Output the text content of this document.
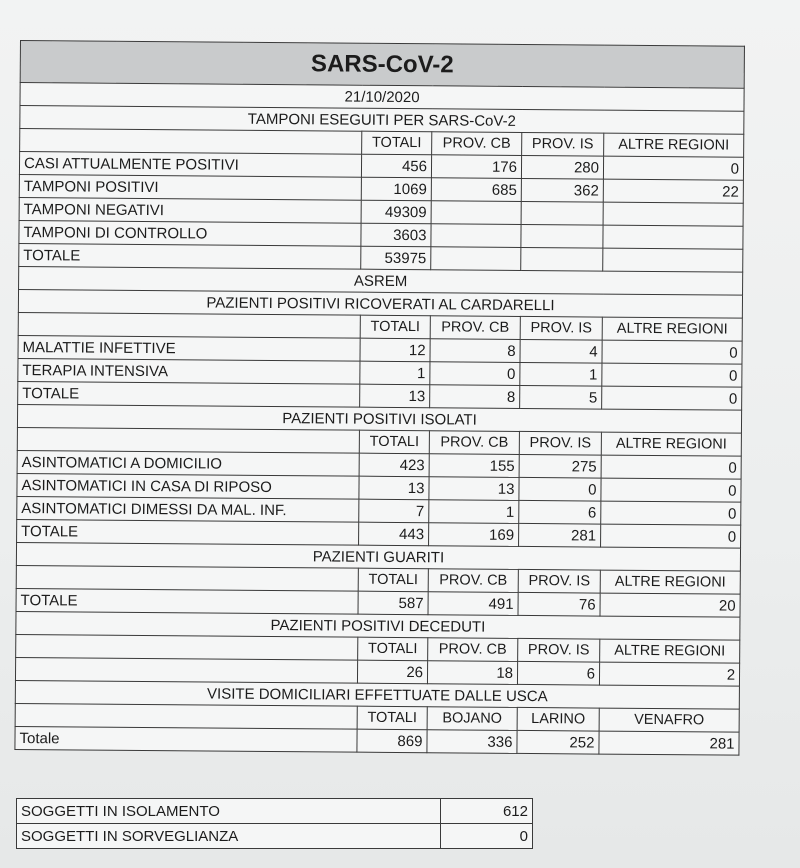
SARS-CoV-2				
21/10/2020				
TAMPONI ESEGUITI PER SARS-CoV-2				
	TOTALI	PROV. CB	PROV. IS	ALTRE REGIONI
CASI ATTUALMENTE POSITIVI	456	176	280	0
TAMPONI POSITIVI	1069	685	362	22
TAMPONI NEGATIVI	49309			
TAMPONI DI CONTROLLO	3603			
TOTALE	53975			
ASREM				
PAZIENTI POSITIVI RICOVERATI AL CARDARELLI				
	TOTALI	PROV. CB	PROV. IS	ALTRE REGIONI
MALATTIE INFETTIVE	12	8	4	0
TERAPIA INTENSIVA	1	0	1	0
TOTALE	13	8	5	0
PAZIENTI POSITIVI ISOLATI				
	TOTALI	PROV. CB	PROV. IS	ALTRE REGIONI
ASINTOMATICI A DOMICILIO	423	155	275	0
ASINTOMATICI IN CASA DI RIPOSO	13	13	0	0
ASINTOMATICI DIMESSI DA MAL. INF.	7	1	6	0
TOTALE	443	169	281	0
PAZIENTI GUARITI				
	TOTALI	PROV. CB	PROV. IS	ALTRE REGIONI
TOTALE	587	491	76	20
PAZIENTI POSITIVI DECEDUTI				
	TOTALI	PROV. CB	PROV. IS	ALTRE REGIONI
	26	18	6	2
VISITE DOMICILIARI EFFETTUATE DALLE USCA				
	TOTALI	BOJANO	LARINO	VENAFRO
Totale	869	336	252	281
SOGGETTI IN ISOLAMENTO	612
SOGGETTI IN SORVEGLIANZA	0
